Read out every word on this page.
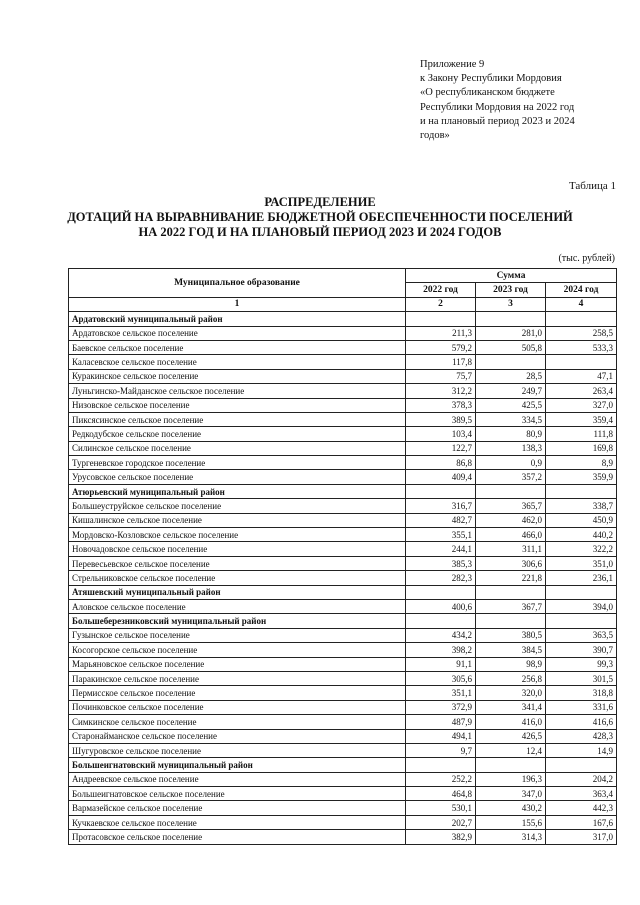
Приложение 9
к Закону Республики Мордовия
«О республиканском бюджете
Республики Мордовия на 2022 год
и на плановый период 2023 и 2024
годов»
Таблица 1
РАСПРЕДЕЛЕНИЕ
ДОТАЦИЙ НА ВЫРАВНИВАНИЕ БЮДЖЕТНОЙ ОБЕСПЕЧЕННОСТИ ПОСЕЛЕНИЙ
НА 2022 ГОД И НА ПЛАНОВЫЙ ПЕРИОД 2023 И 2024 ГОДОВ
(тыс. рублей)
Муниципальное образование	Сумма		
	2022 год	2023 год	2024 год
1	2	3	4
Ардатовский муниципальный район			
Ардатовское сельское поселение	211,3	281,0	258,5
Баевское сельское поселение	579,2	505,8	533,3
Каласевское сельское поселение	117,8		
Куракинское сельское поселение	75,7	28,5	47,1
Луньгинско-Майданское сельское поселение	312,2	249,7	263,4
Низовское сельское поселение	378,3	425,5	327,0
Пиксясинское сельское поселение	389,5	334,5	359,4
Редкодубское сельское поселение	103,4	80,9	111,8
Силинское сельское поселение	122,7	138,3	169,8
Тургеневское городское поселение	86,8	0,9	8,9
Урусовское сельское поселение	409,4	357,2	359,9
Атюрьевский муниципальный район			
Большеуструйское сельское поселение	316,7	365,7	338,7
Кишалинское сельское поселение	482,7	462,0	450,9
Мордовско-Козловское сельское поселение	355,1	466,0	440,2
Новочадовское сельское поселение	244,1	311,1	322,2
Перевесьевское сельское поселение	385,3	306,6	351,0
Стрельниковское сельское поселение	282,3	221,8	236,1
Атяшевский муниципальный район			
Аловское сельское поселение	400,6	367,7	394,0
Большеберезниковский муниципальный район			
Гузынское сельское поселение	434,2	380,5	363,5
Косогорское сельское поселение	398,2	384,5	390,7
Марьяновское сельское поселение	91,1	98,9	99,3
Паракинское сельское поселение	305,6	256,8	301,5
Пермисское сельское поселение	351,1	320,0	318,8
Починковское сельское поселение	372,9	341,4	331,6
Симкинское сельское поселение	487,9	416,0	416,6
Старонайманское сельское поселение	494,1	426,5	428,3
Шугуровское сельское поселение	9,7	12,4	14,9
Большеигнатовский муниципальный район			
Андреевское сельское поселение	252,2	196,3	204,2
Большеигнатовское сельское поселение	464,8	347,0	363,4
Вармазейское сельское поселение	530,1	430,2	442,3
Кучкаевское сельское поселение	202,7	155,6	167,6
Протасовское сельское поселение	382,9	314,3	317,0
